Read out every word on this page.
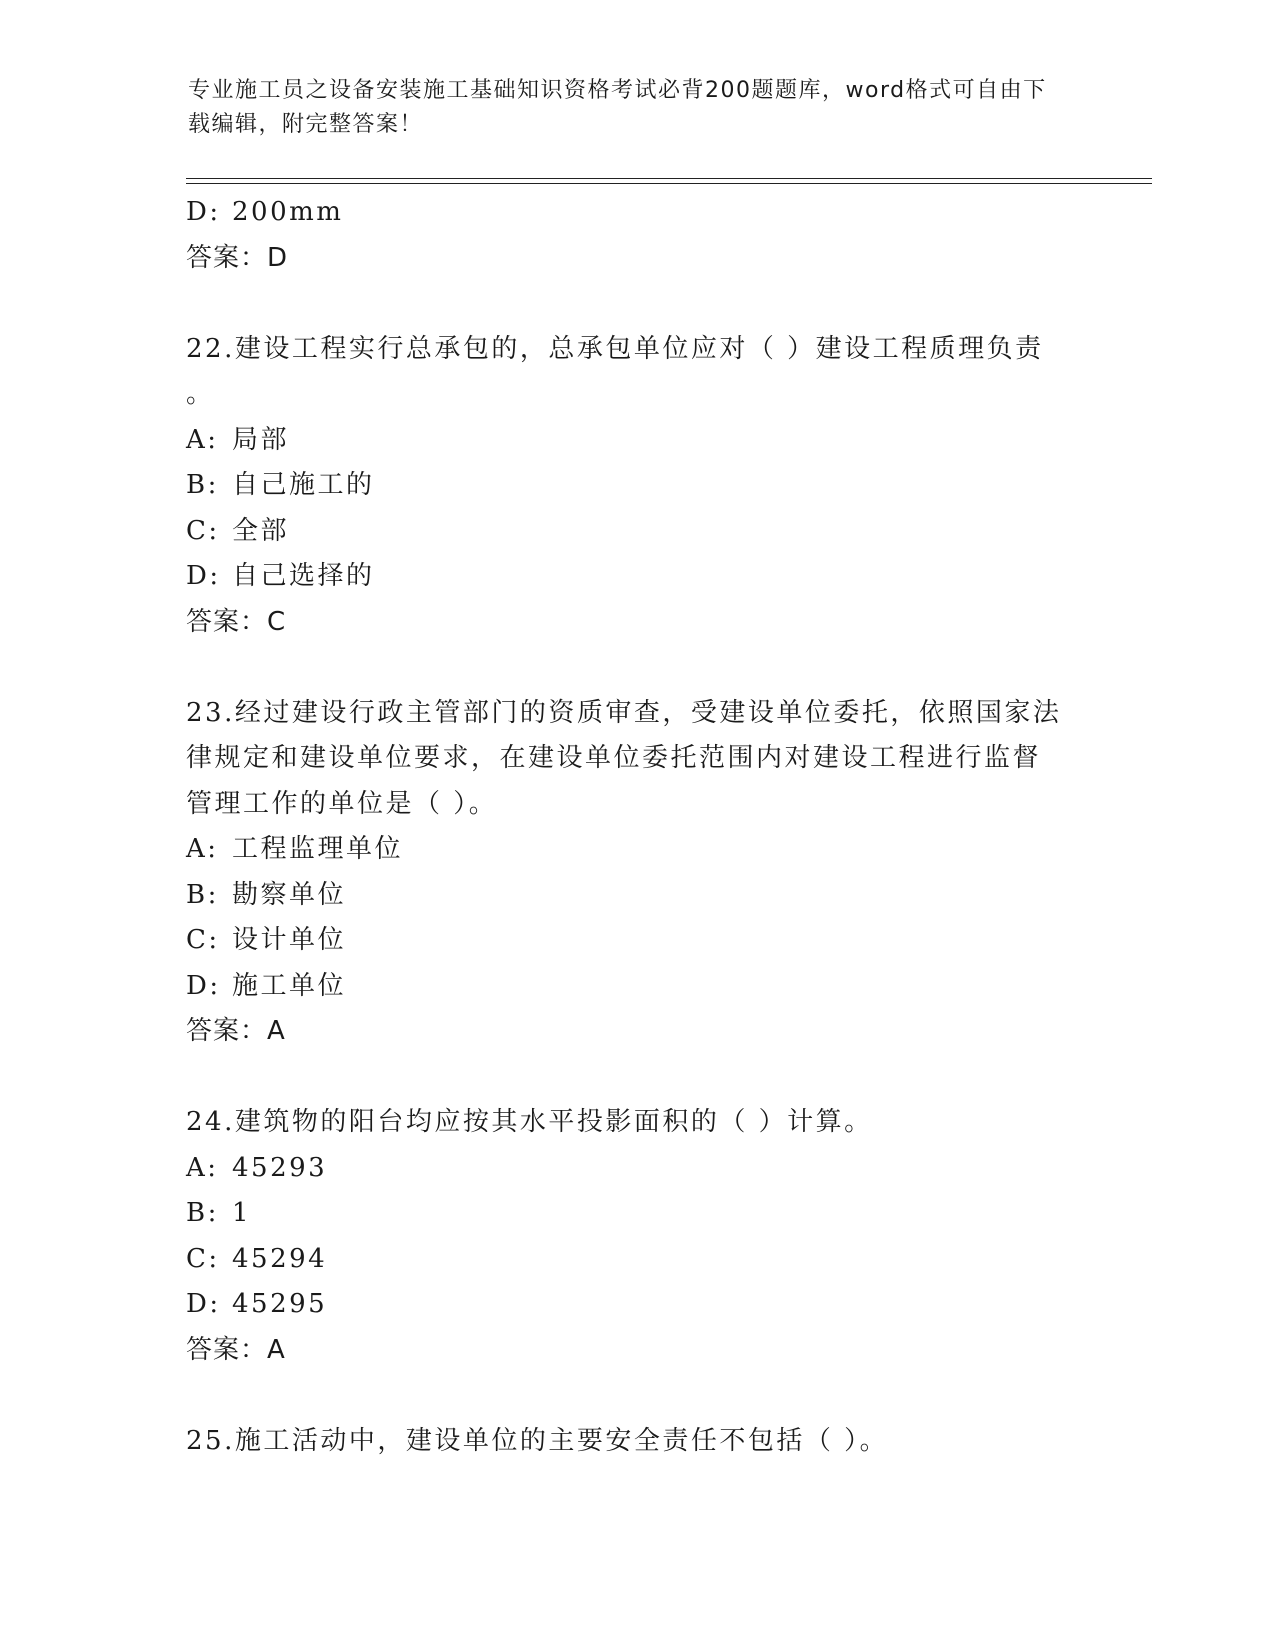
专业施工员之设备安装施工基础知识资格考试必背200题题库，word格式可自由下载编辑，附完整答案！
D: 200mm
答案：D
22.建设工程实行总承包的，总承包单位应对（ ）建设工程质理负责
。
A: 局部
B: 自己施工的
C: 全部
D: 自己选择的
答案：C
23.经过建设行政主管部门的资质审查，受建设单位委托，依照国家法
律规定和建设单位要求，在建设单位委托范围内对建设工程进行监督
管理工作的单位是（ ）。
A: 工程监理单位
B: 勘察单位
C: 设计单位
D: 施工单位
答案：A
24.建筑物的阳台均应按其水平投影面积的（ ）计算。
A: 45293
B: 1
C: 45294
D: 45295
答案：A
25.施工活动中，建设单位的主要安全责任不包括（ ）。
